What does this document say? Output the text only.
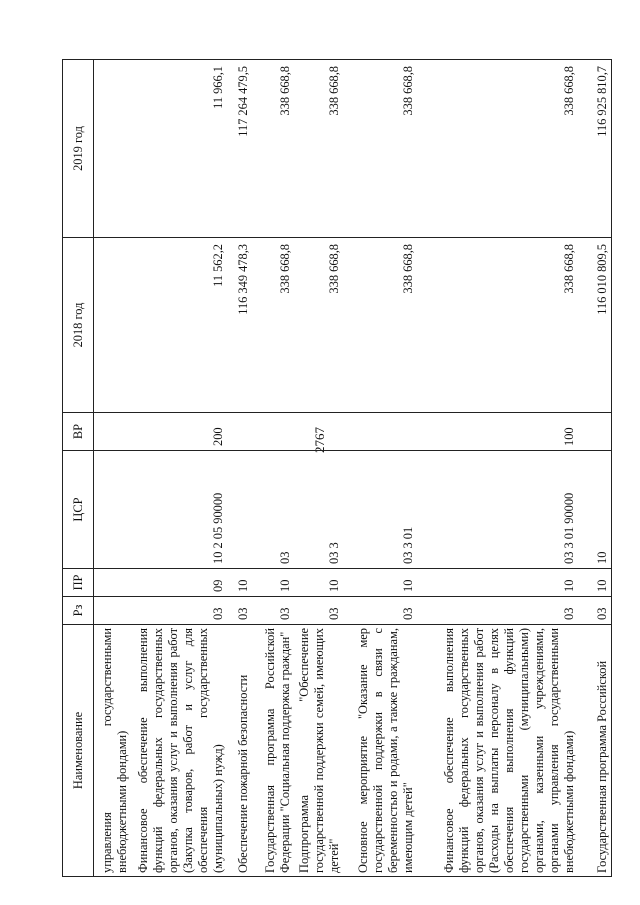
2767
Наименование	Рз	ПР	ЦСР	ВР	2018 год	2019 год
управления государственными внебюджетными фондами)						
Финансовое обеспечение выполнения функций федеральных государственных органов, оказания услуг и выполнения работ (Закупка товаров, работ и услуг для обеспечения государственных (муниципальных) нужд)	03	09	10 2 05 90000	200	11 562,2	11 966,1
Обеспечение пожарной безопасности	03	10			116 349 478,3	117 264 479,5
Государственная программа Российской Федерации "Социальная поддержка граждан"	03	10	03		338 668,8	338 668,8
Подпрограмма "Обеспечение государственной поддержки семей, имеющих детей"	03	10	03 3		338 668,8	338 668,8
Основное мероприятие "Оказание мер государственной поддержки в связи с беременностью и родами, а также гражданам, имеющим детей"	03	10	03 3 01		338 668,8	338 668,8
Финансовое обеспечение выполнения функций федеральных государственных органов, оказания услуг и выполнения работ (Расходы на выплаты персоналу в целях обеспечения выполнения функций государственными (муниципальными) органами, казенными учреждениями, органами управления государственными внебюджетными фондами)	03	10	03 3 01 90000	100	338 668,8	338 668,8
Государственная программа Российской	03	10	10		116 010 809,5	116 925 810,7
